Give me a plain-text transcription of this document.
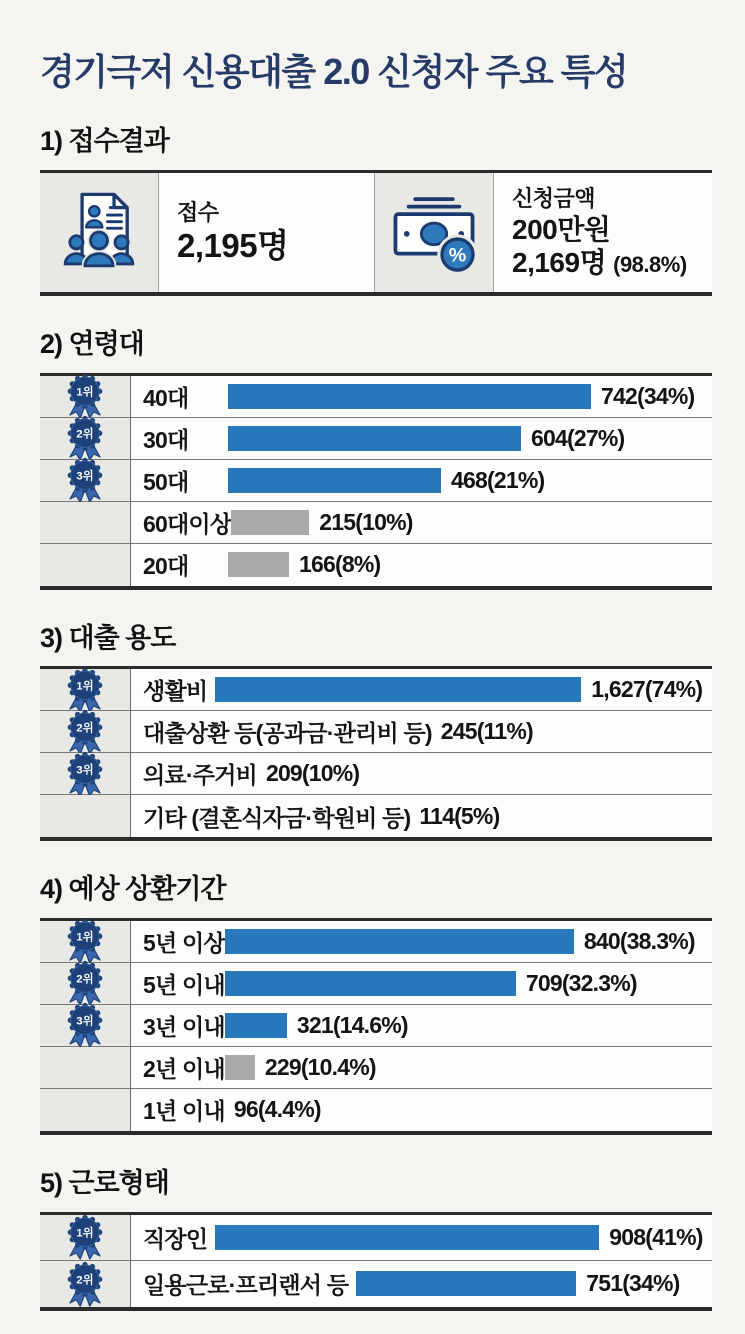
경기극저 신용대출 2.0 신청자 주요 특성
1) 접수결과
접수
2,195명	%
신청금액
200만원
2,169명 (98.8%)
2) 연령대
1위 40대	742(34%)
2위 30대	604(27%)
3위 50대	468(21%)
60대이상	215(10%)
20대	166(8%)
3) 대출 용도
1위 생활비	1,627(74%)
2위 대출상환 등(공과금·관리비 등) 245(11%)
3위 의료·주거비 209(10%)
기타 (결혼식자금·학원비 등) 114(5%)
4) 예상 상환기간
1위 5년 이상	840(38.3%)
2위 5년 이내	709(32.3%)
3위 3년 이내	321(14.6%)
2년 이내 229(10.4%)
1년 이내 96(4.4%)
5) 근로형태
1위 직장인	908(41%)
2위 일용근로·프리랜서 등	751(34%)
